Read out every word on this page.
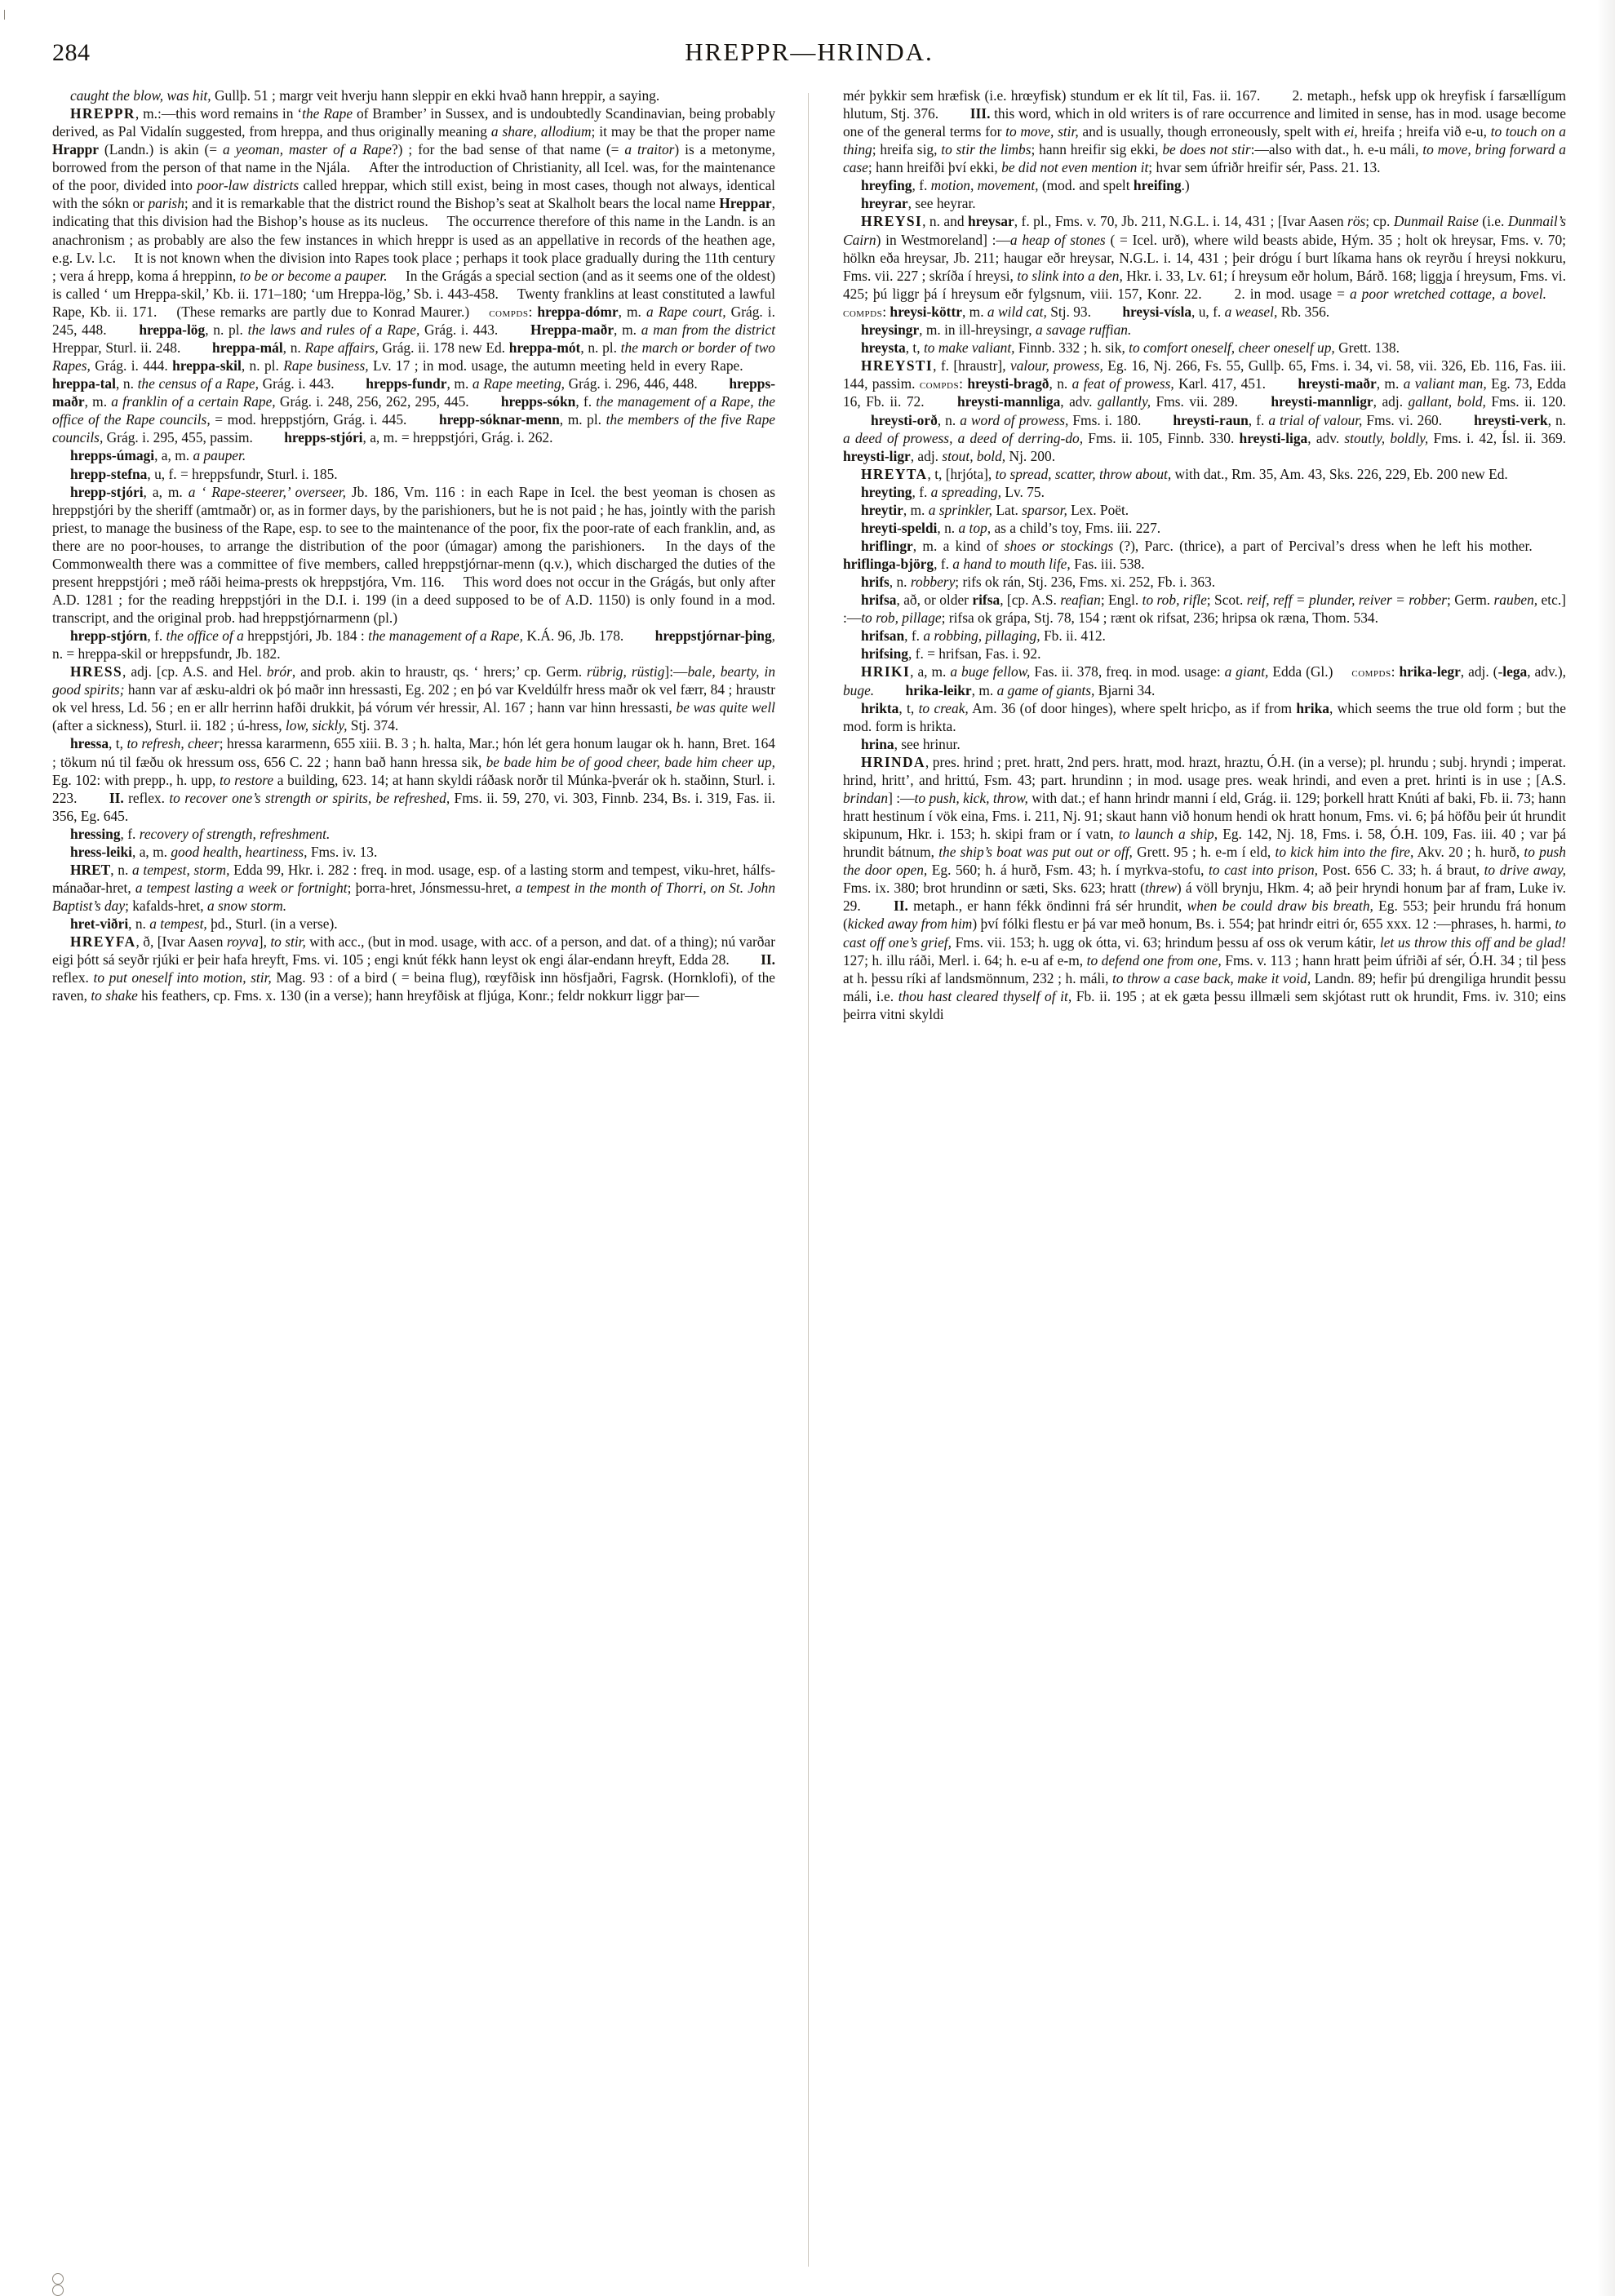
284	HREPPR—HRINDA.

caught the blow, was hit, Gullþ. 51 ; margr veit hverju hann sleppir en ekki hvað hann hreppir, a saying.

HREPPR, m.:—this word remains in ‘the Rape of Bramber’ in Sussex, and is undoubtedly Scandinavian, being probably derived, as Pal Vidalín suggested, from hreppa, and thus originally meaning a share, allodium; it may be that the proper name Hrappr (Landn.) is akin (= a yeoman, master of a Rape?) ; for the bad sense of that name (= a traitor) is a metonyme, borrowed from the person of that name in the Njála. After the introduction of Christianity, all Icel. was, for the maintenance of the poor, divided into poor-law districts called hreppar, which still exist, being in most cases, though not always, identical with the sókn or parish; and it is remarkable that the district round the Bishop’s seat at Skalholt bears the local name Hreppar, indicating that this division had the Bishop’s house as its nucleus. The occurrence therefore of this name in the Landn. is an anachronism ; as probably are also the few instances in which hreppr is used as an appellative in records of the heathen age, e.g. Lv. l.c. It is not known when the division into Rapes took place ; perhaps it took place gradually during the 11th century ; vera á hrepp, koma á hreppinn, to be or become a pauper. In the Grágás a special section (and as it seems one of the oldest) is called ‘ um Hreppa-skil,’ Kb. ii. 171–180; ‘um Hreppa-lög,’ Sb. i. 443-458. Twenty franklins at least constituted a lawful Rape, Kb. ii. 171. (These remarks are partly due to Konrad Maurer.) compds: hreppa-dómr, m. a Rape court, Grág. i. 245, 448. hreppa-lög, n. pl. the laws and rules of a Rape, Grág. i. 443. Hreppa-maðr, m. a man from the district Hreppar, Sturl. ii. 248. hreppa-mál, n. Rape affairs, Grág. ii. 178 new Ed. hreppa-mót, n. pl. the march or border of two Rapes, Grág. i. 444. hreppa-skil, n. pl. Rape business, Lv. 17 ; in mod. usage, the autumn meeting held in every Rape. hreppa-tal, n. the census of a Rape, Grág. i. 443. hrepps-fundr, m. a Rape meeting, Grág. i. 296, 446, 448. hrepps-maðr, m. a franklin of a certain Rape, Grág. i. 248, 256, 262, 295, 445. hrepps-sókn, f. the management of a Rape, the office of the Rape councils, = mod. hreppstjórn, Grág. i. 445. hrepp-sóknar-menn, m. pl. the members of the five Rape councils, Grág. i. 295, 455, passim. hrepps-stjóri, a, m. = hreppstjóri, Grág. i. 262.

hrepps-úmagi, a, m. a pauper.

hrepp-stefna, u, f. = hreppsfundr, Sturl. i. 185.

hrepp-stjóri, a, m. a ‘ Rape-steerer,’ overseer, Jb. 186, Vm. 116 : in each Rape in Icel. the best yeoman is chosen as hreppstjóri by the sheriff (amtmaðr) or, as in former days, by the parishioners, but he is not paid ; he has, jointly with the parish priest, to manage the business of the Rape, esp. to see to the maintenance of the poor, fix the poor-rate of each franklin, and, as there are no poor-houses, to arrange the distribution of the poor (úmagar) among the parishioners. In the days of the Commonwealth there was a committee of five members, called hreppstjórnar-menn (q.v.), which discharged the duties of the present hreppstjóri ; með ráði heima-prests ok hreppstjóra, Vm. 116. This word does not occur in the Grágás, but only after A.D. 1281 ; for the reading hreppstjóri in the D.I. i. 199 (in a deed supposed to be of A.D. 1150) is only found in a mod. transcript, and the original prob. had hreppstjórnarmenn (pl.)

hrepp-stjórn, f. the office of a hreppstjóri, Jb. 184 : the management of a Rape, K.Á. 96, Jb. 178. hreppstjórnar-þing, n. = hreppa-skil or hreppsfundr, Jb. 182.

HRESS, adj. [cp. A.S. and Hel. brór, and prob. akin to hraustr, qs. ‘ hrers;’ cp. Germ. rübrig, rüstig]:—bale, bearty, in good spirits; hann var af æsku-aldri ok þó maðr inn hressasti, Eg. 202 ; en þó var Kveldúlfr hress maðr ok vel færr, 84 ; hraustr ok vel hress, Ld. 56 ; en er allr herrinn hafði drukkit, þá vórum vér hressir, Al. 167 ; hann var hinn hressasti, be was quite well (after a sickness), Sturl. ii. 182 ; ú-hress, low, sickly, Stj. 374.

hressa, t, to refresh, cheer; hressa kararmenn, 655 xiii. B. 3 ; h. halta, Mar.; hón lét gera honum laugar ok h. hann, Bret. 164 ; tökum nú til fæðu ok hressum oss, 656 C. 22 ; hann bað hann hressa sik, be bade him be of good cheer, bade him cheer up, Eg. 102: with prepp., h. upp, to restore a building, 623. 14; at hann skyldi ráðask norðr til Múnka-þverár ok h. staðinn, Sturl. i. 223. II. reflex. to recover one’s strength or spirits, be refreshed, Fms. ii. 59, 270, vi. 303, Finnb. 234, Bs. i. 319, Fas. ii. 356, Eg. 645.

hressing, f. recovery of strength, refreshment.

hress-leiki, a, m. good health, heartiness, Fms. iv. 13.

HRET, n. a tempest, storm, Edda 99, Hkr. i. 282 : freq. in mod. usage, esp. of a lasting storm and tempest, viku-hret, hálfs-mánaðar-hret, a tempest lasting a week or fortnight; þorra-hret, Jónsmessu-hret, a tempest in the month of Thorri, on St. John Baptist’s day; kafalds-hret, a snow storm.

hret-viðri, n. a tempest, þd., Sturl. (in a verse).

HREYFA, ð, [Ivar Aasen royva], to stir, with acc., (but in mod. usage, with acc. of a person, and dat. of a thing); nú varðar eigi þótt sá seyðr rjúki er þeir hafa hreyft, Fms. vi. 105 ; engi knút fékk hann leyst ok engi álar-endann hreyft, Edda 28. II. reflex. to put oneself into motion, stir, Mag. 93 : of a bird ( = beina flug), rœyfðisk inn hösfjaðri, Fagrsk. (Hornklofi), of the raven, to shake his feathers, cp. Fms. x. 130 (in a verse); hann hreyfðisk at fljúga, Konr.; feldr nokkurr liggr þar—

mér þykkir sem hræfisk (i.e. hrœyfisk) stundum er ek lít til, Fas. ii. 167. 2. metaph., hefsk upp ok hreyfisk í farsællígum hlutum, Stj. 376. III. this word, which in old writers is of rare occurrence and limited in sense, has in mod. usage become one of the general terms for to move, stir, and is usually, though erroneously, spelt with ei, hreifa ; hreifa við e-u, to touch on a thing; hreifa sig, to stir the limbs; hann hreifir sig ekki, be does not stir:—also with dat., h. e-u máli, to move, bring forward a case; hann hreifði því ekki, be did not even mention it; hvar sem úfriðr hreifir sér, Pass. 21. 13.

hreyfing, f. motion, movement, (mod. and spelt hreifing.)

hreyrar, see heyrar.

HREYSI, n. and hreysar, f. pl., Fms. v. 70, Jb. 211, N.G.L. i. 14, 431 ; [Ivar Aasen rös; cp. Dunmail Raise (i.e. Dunmail’s Cairn) in Westmoreland] :—a heap of stones ( = Icel. urð), where wild beasts abide, Hým. 35 ; holt ok hreysar, Fms. v. 70; hölkn eða hreysar, Jb. 211; haugar eðr hreysar, N.G.L. i. 14, 431 ; þeir drógu í burt líkama hans ok reyrðu í hreysi nokkuru, Fms. vii. 227 ; skríða í hreysi, to slink into a den, Hkr. i. 33, Lv. 61; í hreysum eðr holum, Bárð. 168; liggja í hreysum, Fms. vi. 425; þú liggr þá í hreysum eðr fylgsnum, viii. 157, Konr. 22. 2. in mod. usage = a poor wretched cottage, a bovel. compds: hreysi-köttr, m. a wild cat, Stj. 93. hreysi-vísla, u, f. a weasel, Rb. 356.

hreysingr, m. in ill-hreysingr, a savage ruffian.

hreysta, t, to make valiant, Finnb. 332 ; h. sik, to comfort oneself, cheer oneself up, Grett. 138.

HREYSTI, f. [hraustr], valour, prowess, Eg. 16, Nj. 266, Fs. 55, Gullþ. 65, Fms. i. 34, vi. 58, vii. 326, Eb. 116, Fas. iii. 144, passim. compds: hreysti-bragð, n. a feat of prowess, Karl. 417, 451. hreysti-maðr, m. a valiant man, Eg. 73, Edda 16, Fb. ii. 72. hreysti-mannliga, adv. gallantly, Fms. vii. 289. hreysti-mannligr, adj. gallant, bold, Fms. ii. 120. hreysti-orð, n. a word of prowess, Fms. i. 180. hreysti-raun, f. a trial of valour, Fms. vi. 260. hreysti-verk, n. a deed of prowess, a deed of derring-do, Fms. ii. 105, Finnb. 330. hreysti-liga, adv. stoutly, boldly, Fms. i. 42, Ísl. ii. 369. hreysti-ligr, adj. stout, bold, Nj. 200.

HREYTA, t, [hrjóta], to spread, scatter, throw about, with dat., Rm. 35, Am. 43, Sks. 226, 229, Eb. 200 new Ed.

hreyting, f. a spreading, Lv. 75.

hreytir, m. a sprinkler, Lat. sparsor, Lex. Poët.

hreyti-speldi, n. a top, as a child’s toy, Fms. iii. 227.

hriflingr, m. a kind of shoes or stockings (?), Parc. (thrice), a part of Percival’s dress when he left his mother. hriflinga-björg, f. a hand to mouth life, Fas. iii. 538.

hrifs, n. robbery; rifs ok rán, Stj. 236, Fms. xi. 252, Fb. i. 363.

hrifsa, að, or older rifsa, [cp. A.S. reafian; Engl. to rob, rifle; Scot. reif, reff = plunder, reiver = robber; Germ. rauben, etc.] :—to rob, pillage; rifsa ok grápa, Stj. 78, 154 ; rænt ok rifsat, 236; hripsa ok ræna, Thom. 534.

hrifsan, f. a robbing, pillaging, Fb. ii. 412.

hrifsing, f. = hrifsan, Fas. i. 92.

HRIKI, a, m. a buge fellow, Fas. ii. 378, freq. in mod. usage: a giant, Edda (Gl.) compds: hrika-legr, adj. (-lega, adv.), buge. hrika-leikr, m. a game of giants, Bjarni 34.

hrikta, t, to creak, Am. 36 (of door hinges), where spelt hricþo, as if from hrika, which seems the true old form ; but the mod. form is hrikta.

hrina, see hrinur.

HRINDA, pres. hrind ; pret. hratt, 2nd pers. hratt, mod. hrazt, hraztu, Ó.H. (in a verse); pl. hrundu ; subj. hryndi ; imperat. hrind, hritt’, and hrittú, Fsm. 43; part. hrundinn ; in mod. usage pres. weak hrindi, and even a pret. hrinti is in use ; [A.S. brindan] :—to push, kick, throw, with dat.; ef hann hrindr manni í eld, Grág. ii. 129; þorkell hratt Knúti af baki, Fb. ii. 73; hann hratt hestinum í vök eina, Fms. i. 211, Nj. 91; skaut hann við honum hendi ok hratt honum, Fms. vi. 6; þá höfðu þeir út hrundit skipunum, Hkr. i. 153; h. skipi fram or í vatn, to launch a ship, Eg. 142, Nj. 18, Fms. i. 58, Ó.H. 109, Fas. iii. 40 ; var þá hrundit bátnum, the ship’s boat was put out or off, Grett. 95 ; h. e-m í eld, to kick him into the fire, Akv. 20 ; h. hurð, to push the door open, Eg. 560; h. á hurð, Fsm. 43; h. í myrkva-stofu, to cast into prison, Post. 656 C. 33; h. á braut, to drive away, Fms. ix. 380; brot hrundinn or sæti, Sks. 623; hratt (threw) á völl brynju, Hkm. 4; að þeir hryndi honum þar af fram, Luke iv. 29. II. metaph., er hann fékk öndinni frá sér hrundit, when be could draw bis breath, Eg. 553; þeir hrundu frá honum (kicked away from him) því fólki flestu er þá var með honum, Bs. i. 554; þat hrindr eitri ór, 655 xxx. 12 :—phrases, h. harmi, to cast off one’s grief, Fms. vii. 153; h. ugg ok ótta, vi. 63; hrindum þessu af oss ok verum kátir, let us throw this off and be glad! 127; h. illu ráði, Merl. i. 64; h. e-u af e-m, to defend one from one, Fms. v. 113 ; hann hratt þeim úfriði af sér, Ó.H. 34 ; til þess at h. þessu ríki af landsmönnum, 232 ; h. máli, to throw a case back, make it void, Landn. 89; hefir þú drengiliga hrundit þessu máli, i.e. thou hast cleared thyself of it, Fb. ii. 195 ; at ek gæta þessu illmæli sem skjótast rutt ok hrundit, Fms. iv. 310; eins þeirra vitni skyldi
